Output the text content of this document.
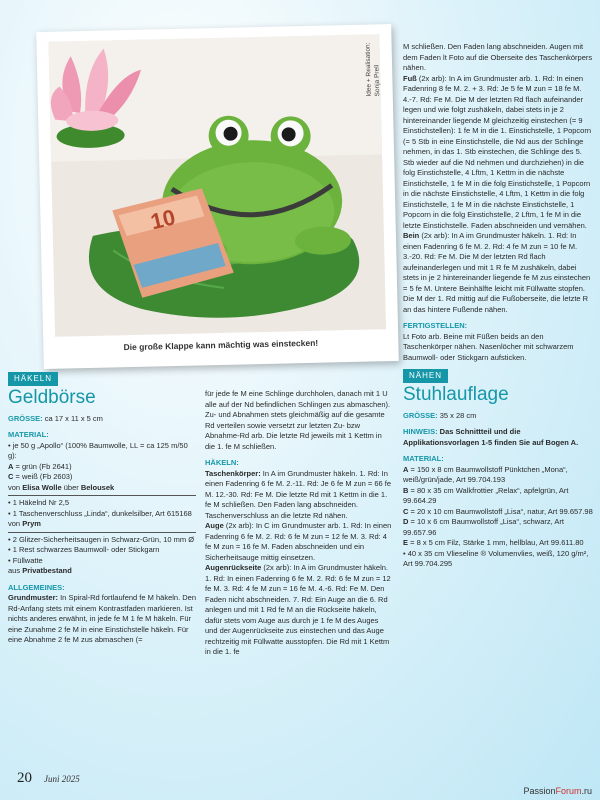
10
Idee + Realisation:
Sonja Prell
Die große Klappe kann mächtig was einstecken!
HÄKELN
Geldbörse

GRÖSSE: ca 17 x 11 x 5 cm

MATERIAL:

• je 50 g „Apollo“ (100% Baumwolle, LL = ca 125 m/50 g):

A = grün (Fb 2641)

C = weiß (Fb 2603)

von Elisa Wolle über Belousek

• 1 Häkelnd Nr 2,5

• 1 Taschenverschluss „Linda“, dunkelsilber, Art 615168

von Prym

• 2 Glitzer-Sicherheitsaugen in Schwarz-Grün, 10 mm Ø

• 1 Rest schwarzes Baumwoll- oder Stickgarn

• Füllwatte

aus Privatbestand

ALLGEMEINES:

Grundmuster: In Spiral-Rd fortlaufend fe M häkeln. Den Rd-Anfang stets mit einem Kontrastfaden markieren. Ist nichts anderes erwähnt, in jede fe M 1 fe M häkeln. Für eine Zunahme 2 fe M in eine Einstichstelle häkeln. Für eine Abnahme 2 fe M zus abmaschen (=

für jede fe M eine Schlinge durchholen, danach mit 1 U alle auf der Nd befindlichen Schlingen zus abmaschen). Zu- und Abnahmen stets gleichmäßig auf die gesamte Rd verteilen sowie versetzt zur letzten Zu- bzw Abnahme-Rd arb. Die letzte Rd jeweils mit 1 Kettm in die 1. fe M schließen.

HÄKELN:

Taschenkörper: In A im Grundmuster häkeln. 1. Rd: In einen Fadenring 6 fe M. 2.-11. Rd: Je 6 fe M zun = 66 fe M. 12.-30. Rd: Fe M. Die letzte Rd mit 1 Kettm in die 1. fe M schließen. Den Faden lang abschneiden. Taschenverschluss an die letzte Rd nähen.

Auge (2x arb): In C im Grundmuster arb. 1. Rd: In einen Fadenring 6 fe M. 2. Rd: 6 fe M zun = 12 fe M. 3. Rd: 4 fe M zun = 16 fe M. Faden abschneiden und ein Sicherheitsauge mittig einsetzen.

Augenrückseite (2x arb): In A im Grundmuster häkeln. 1. Rd: In einen Fadenring 6 fe M. 2. Rd: 6 fe M zun = 12 fe M. 3. Rd: 4 fe M zun = 16 fe M. 4.-6. Rd: Fe M. Den Faden nicht abschneiden. 7. Rd: Ein Auge an die 6. Rd anlegen und mit 1 Rd fe M an die Rückseite häkeln, dafür stets vom Auge aus durch je 1 fe M des Auges und der Augenrückseite zus einstechen und das Auge rechtzeitig mit Füllwatte ausstopfen. Die Rd mit 1 Kettm in die 1. fe

M schließen. Den Faden lang abschneiden. Augen mit dem Faden lt Foto auf die Oberseite des Taschenkörpers nähen.

Fuß (2x arb): In A im Grundmuster arb. 1. Rd: In einen Fadenring 8 fe M. 2. + 3. Rd: Je 5 fe M zun = 18 fe M. 4.-7. Rd: Fe M. Die M der letzten Rd flach aufeinander legen und wie folgt zushäkeln, dabei stets in je 2 hintereinander liegende M gleichzeitig einstechen (= 9 Einstichstellen): 1 fe M in die 1. Einstichstelle, 1 Popcorn (= 5 Stb in eine Einstichstelle, die Nd aus der Schlinge nehmen, in das 1. Stb einstechen, die Schlinge des 5. Stb wieder auf die Nd nehmen und durchziehen) in die folg Einstichstelle, 4 Lftm, 1 Kettm in die nächste Einstichstelle, 1 fe M in die folg Einstichstelle, 1 Popcorn in die nächste Einstichstelle, 4 Lftm, 1 Kettm in die folg Einstichstelle, 1 fe M in die nächste Einstichstelle, 1 Popcorn in die folg Einstichstelle, 2 Lftm, 1 fe M in die letzte Einstichstelle. Faden abschneiden und vernähen.

Bein (2x arb): In A im Grundmuster häkeln. 1. Rd: In einen Fadenring 6 fe M. 2. Rd: 4 fe M zun = 10 fe M. 3.-20. Rd: Fe M. Die M der letzten Rd flach aufeinanderlegen und mit 1 R fe M zushäkeln, dabei stets in je 2 hintereinander liegende fe M zus einstechen = 5 fe M. Untere Beinhälfte leicht mit Füllwatte stopfen. Die M der 1. Rd mittig auf die Fußoberseite, die letzte R an das hintere Fußende nähen.

FERTIGSTELLEN:

Lt Foto arb. Beine mit Füßen beids an den Taschenkörper nähen. Nasenlöcher mit schwarzem Baumwoll- oder Stickgarn aufsticken.

NÄHEN
Stuhlauflage

GRÖSSE: 35 x 28 cm

HINWEIS: Das Schnittteil und die Applikationsvorlagen 1-5 finden Sie auf Bogen A.

MATERIAL:

A = 150 x 8 cm Baumwollstoff Pünktchen „Mona“, weiß/grün/jade, Art 99.704.193

B = 80 x 35 cm Walkfrottier „Relax“, apfelgrün, Art 99.664.29

C = 20 x 10 cm Baumwollstoff „Lisa“, natur, Art 99.657.98

D = 10 x 6 cm Baumwollstoff „Lisa“, schwarz, Art 99.657.96

E = 8 x 5 cm Filz, Stärke 1 mm, hellblau, Art 99.611.80

• 40 x 35 cm Vlieseline ® Volumenvlies, weiß, 120 g/m², Art 99.704.295

20 Juni 2025
PassionForum.ru
